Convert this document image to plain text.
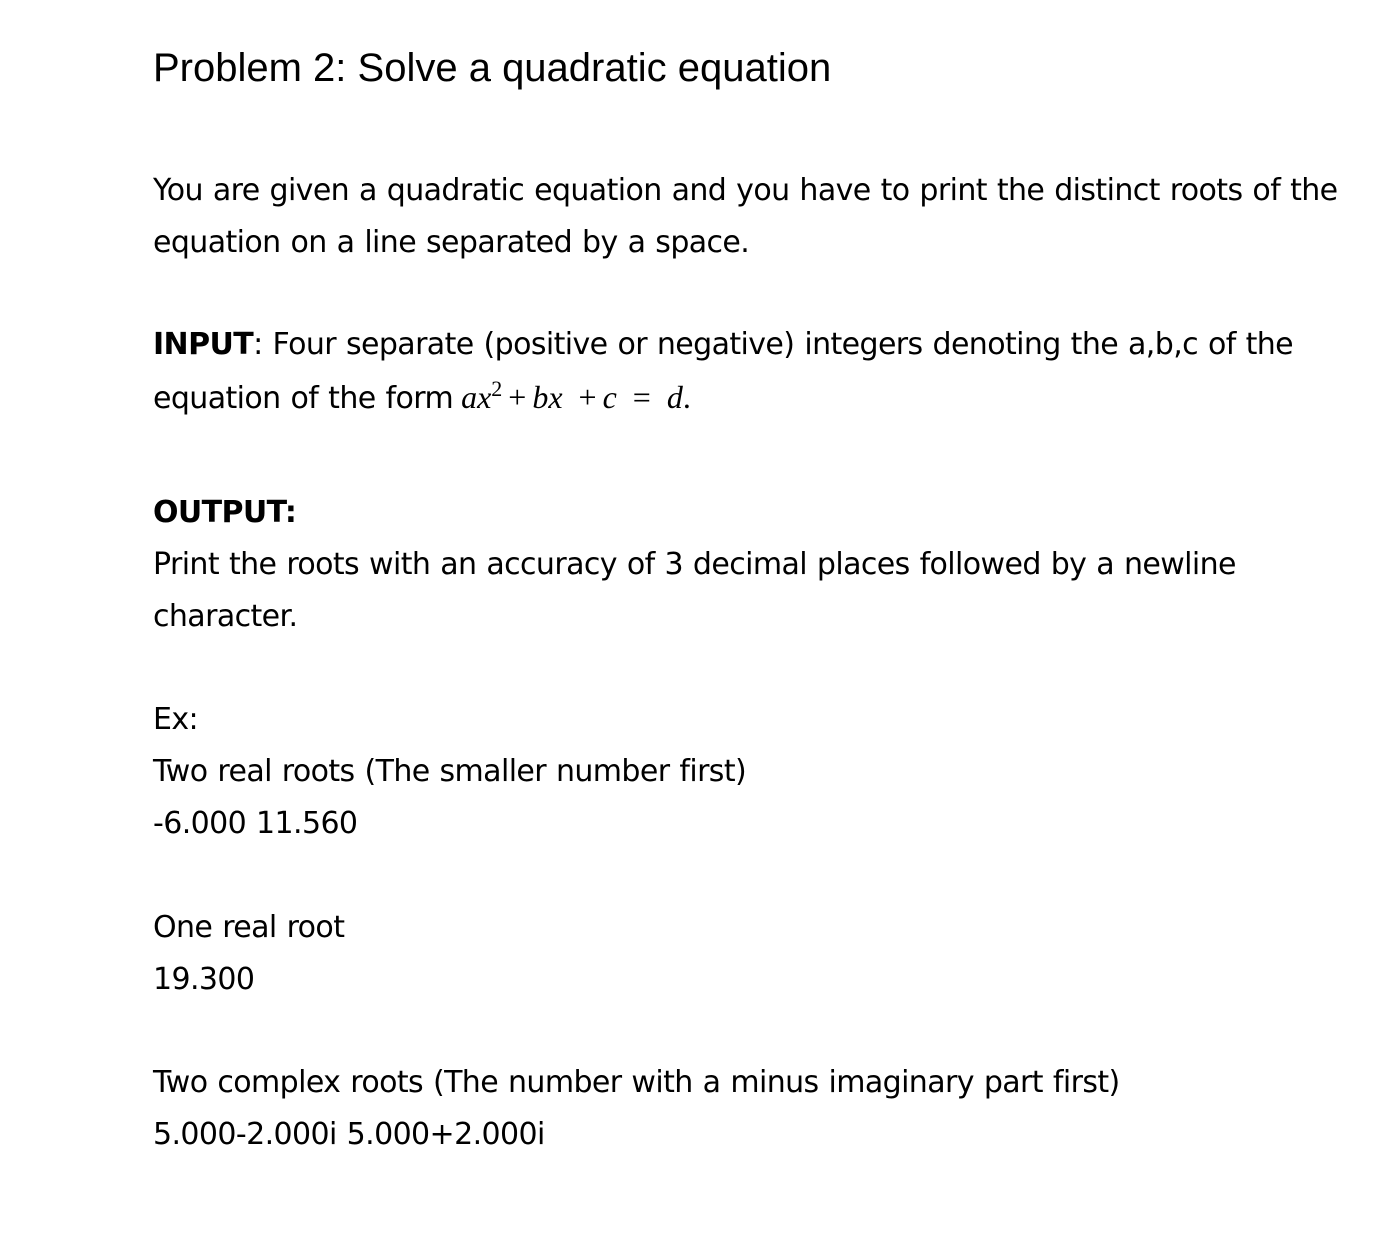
Problem 2: Solve a quadratic equation

You are given a quadratic equation and you have to print the distinct roots of the equation on a line separated by a space.

INPUT: Four separate (positive or negative) integers denoting the a,b,c of the equation of the form $ax^2$ + bx + c = d.

OUTPUT:

Print the roots with an accuracy of 3 decimal places followed by a newline character.

Ex:

Two real roots (The smaller number first)

-6.000 11.560

One real root

19.300

Two complex roots (The number with a minus imaginary part first)

5.000-2.000i 5.000+2.000i
